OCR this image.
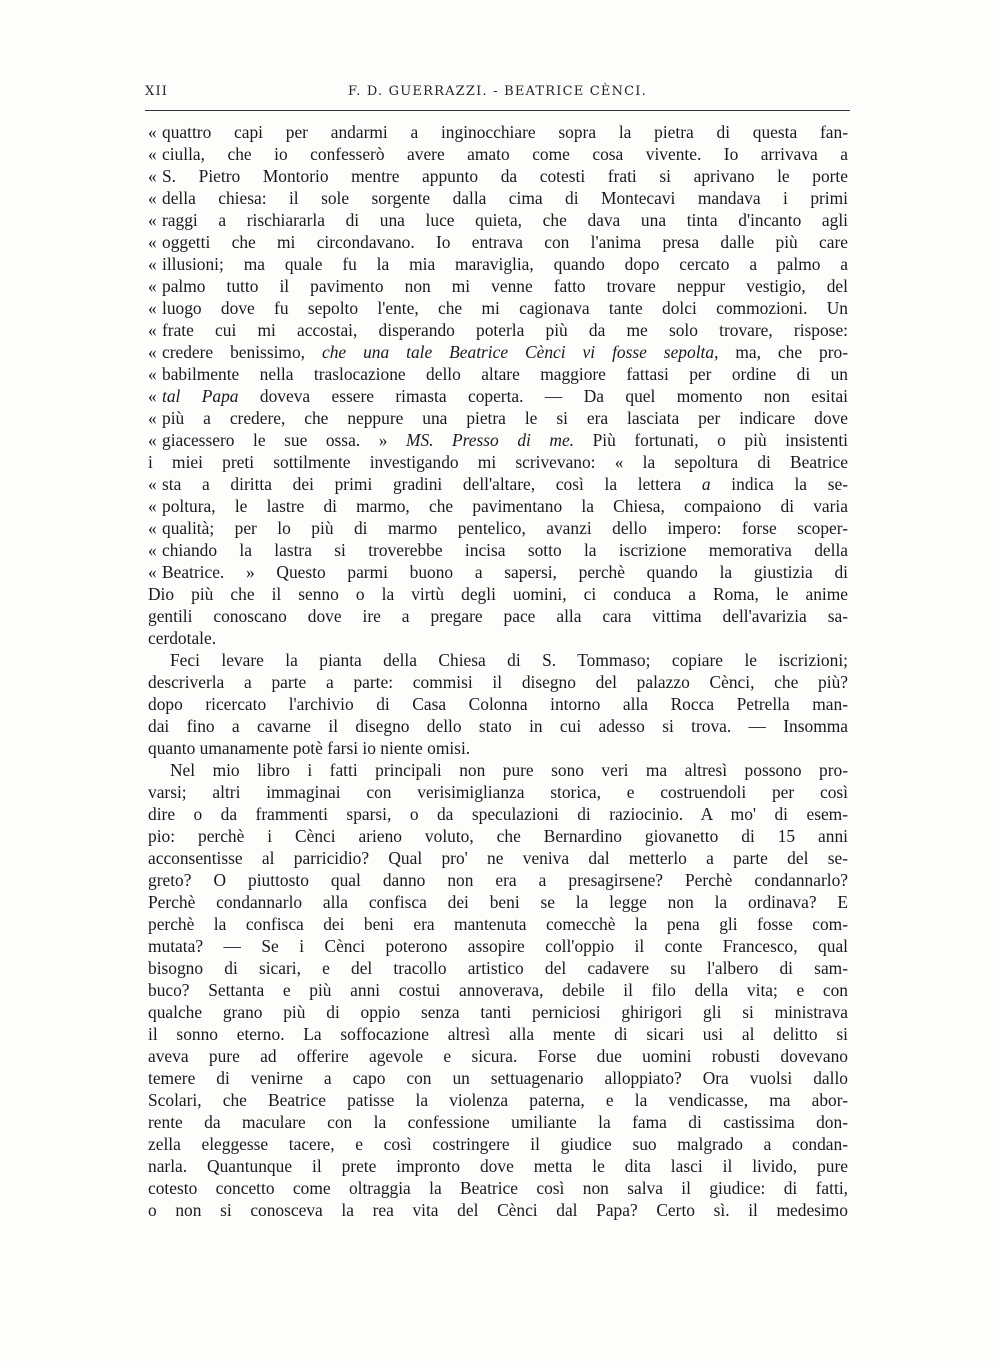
XII	F. D. GUERRAZZI. - BEATRICE CÈNCI.
« quattro capi per andarmi a inginocchiare sopra la pietra di questa fan-
« ciulla, che io confesserò avere amato come cosa vivente. Io arrivava a
« S. Pietro Montorio mentre appunto da cotesti frati si aprivano le porte
« della chiesa: il sole sorgente dalla cima di Montecavi mandava i primi
« raggi a rischiararla di una luce quieta, che dava una tinta d'incanto agli
« oggetti che mi circondavano. Io entrava con l'anima presa dalle più care
« illusioni; ma quale fu la mia maraviglia, quando dopo cercato a palmo a
« palmo tutto il pavimento non mi venne fatto trovare neppur vestigio, del
« luogo dove fu sepolto l'ente, che mi cagionava tante dolci commozioni. Un
« frate cui mi accostai, disperando poterla più da me solo trovare, rispose:
« credere benissimo, che una tale Beatrice Cènci vi fosse sepolta, ma, che pro-
« babilmente nella traslocazione dello altare maggiore fattasi per ordine di un
« tal Papa doveva essere rimasta coperta. — Da quel momento non esitai
« più a credere, che neppure una pietra le si era lasciata per indicare dove
« giacessero le sue ossa. » MS. Presso di me. Più fortunati, o più insistenti
i miei preti sottilmente investigando mi scrivevano: « la sepoltura di Beatrice
« sta a diritta dei primi gradini dell'altare, così la lettera a indica la se-
« poltura, le lastre di marmo, che pavimentano la Chiesa, compaiono di varia
« qualità; per lo più di marmo pentelico, avanzi dello impero: forse scoper-
« chiando la lastra si troverebbe incisa sotto la iscrizione memorativa della
« Beatrice. » Questo parmi buono a sapersi, perchè quando la giustizia di
Dio più che il senno o la virtù degli uomini, ci conduca a Roma, le anime
gentili conoscano dove ire a pregare pace alla cara vittima dell'avarizia sa-
cerdotale.
Feci levare la pianta della Chiesa di S. Tommaso; copiare le iscrizioni;
descriverla a parte a parte: commisi il disegno del palazzo Cènci, che più?
dopo ricercato l'archivio di Casa Colonna intorno alla Rocca Petrella man-
dai fino a cavarne il disegno dello stato in cui adesso si trova. — Insomma
quanto umanamente potè farsi io niente omisi.
Nel mio libro i fatti principali non pure sono veri ma altresì possono pro-
varsi; altri immaginai con verisimiglianza storica, e costruendoli per così
dire o da frammenti sparsi, o da speculazioni di raziocinio. A mo' di esem-
pio: perchè i Cènci arieno voluto, che Bernardino giovanetto di 15 anni
acconsentisse al parricidio? Qual pro' ne veniva dal metterlo a parte del se-
greto? O piuttosto qual danno non era a presagirsene? Perchè condannarlo?
Perchè condannarlo alla confisca dei beni se la legge non la ordinava? E
perchè la confisca dei beni era mantenuta comecchè la pena gli fosse com-
mutata? — Se i Cènci poterono assopire coll'oppio il conte Francesco, qual
bisogno di sicari, e del tracollo artistico del cadavere su l'albero di sam-
buco? Settanta e più anni costui annoverava, debile il filo della vita; e con
qualche grano più di oppio senza tanti perniciosi ghirigori gli si ministrava
il sonno eterno. La soffocazione altresì alla mente di sicari usi al delitto si
aveva pure ad offerire agevole e sicura. Forse due uomini robusti dovevano
temere di venirne a capo con un settuagenario alloppiato? Ora vuolsi dallo
Scolari, che Beatrice patisse la violenza paterna, e la vendicasse, ma abor-
rente da maculare con la confessione umiliante la fama di castissima don-
zella eleggesse tacere, e così costringere il giudice suo malgrado a condan-
narla. Quantunque il prete impronto dove metta le dita lasci il livido, pure
cotesto concetto come oltraggia la Beatrice così non salva il giudice: di fatti,
o non si conosceva la rea vita del Cènci dal Papa? Certo sì. il medesimo
